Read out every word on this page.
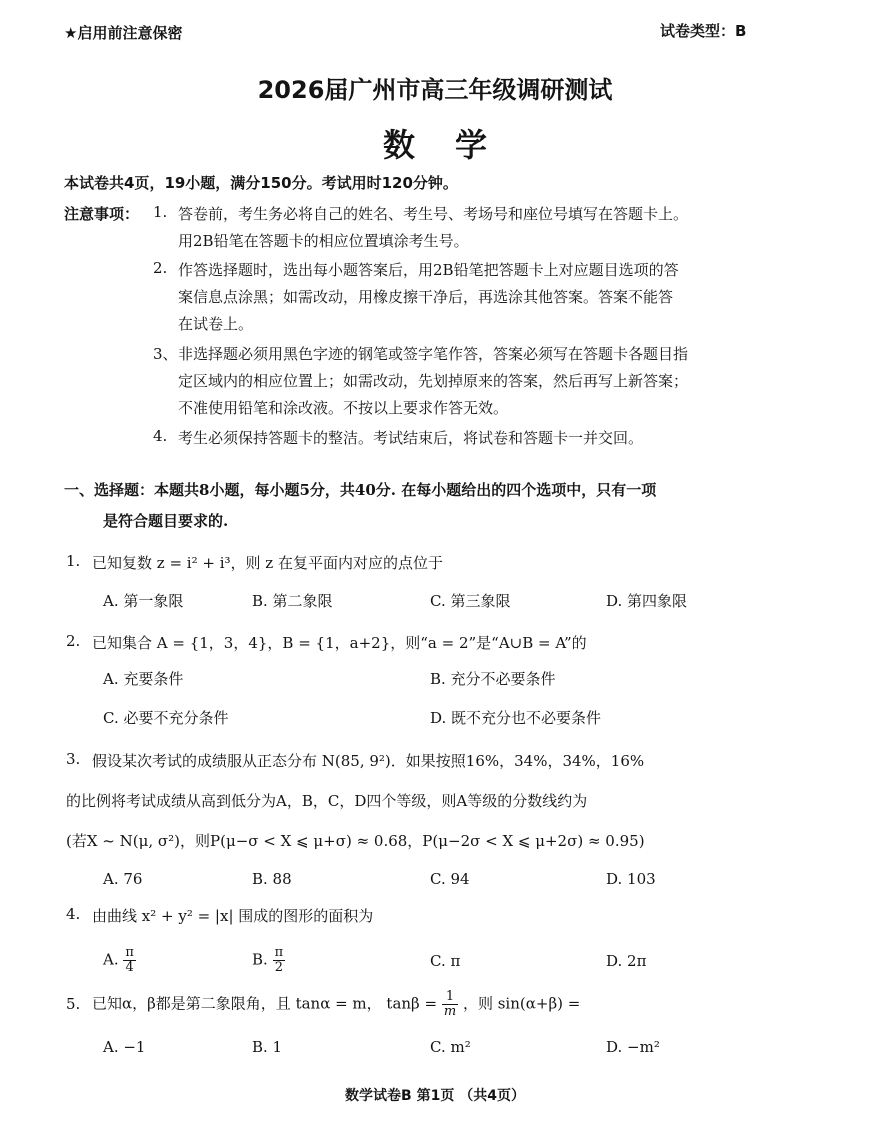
★启用前注意保密	试卷类型：B
2026届广州市高三年级调研测试
数学
本试卷共4页，19小题，满分150分。考试用时120分钟。
注意事项： 1. 答卷前，考生务必将自己的姓名、考生号、考场号和座位号填写在答题卡上。
用2B铅笔在答题卡的相应位置填涂考生号。
2. 作答选择题时，选出每小题答案后，用2B铅笔把答题卡上对应题目选项的答
案信息点涂黑；如需改动，用橡皮擦干净后，再选涂其他答案。答案不能答
在试卷上。
3、 非选择题必须用黑色字迹的钢笔或签字笔作答，答案必须写在答题卡各题目指
定区域内的相应位置上；如需改动，先划掉原来的答案，然后再写上新答案；
不准使用铅笔和涂改液。不按以上要求作答无效。
4. 考生必须保持答题卡的整洁。考试结束后，将试卷和答题卡一并交回。
一、选择题：本题共8小题，每小题5分，共40分. 在每小题给出的四个选项中，只有一项
是符合题目要求的.
1. 已知复数 z = i² + i³，则 z 在复平面内对应的点位于
A. 第一象限	B. 第二象限	C. 第三象限	D. 第四象限
2. 已知集合 A = {1，3，4}，B = {1，a+2}，则“a = 2”是“A∪B = A”的
A. 充要条件	B. 充分不必要条件
C. 必要不充分条件	D. 既不充分也不必要条件
3. 假设某次考试的成绩服从正态分布 N(85, 9²)．如果按照16%，34%，34%，16%
的比例将考试成绩从高到低分为A，B，C，D四个等级，则A等级的分数线约为
(若X ~ N(μ, σ²)，则P(μ−σ < X ⩽ μ+σ) ≈ 0.68，P(μ−2σ < X ⩽ μ+2σ) ≈ 0.95)
A. 76	B. 88	C. 94	D. 103
4. 由曲线 x² + y² = |x| 围成的图形的面积为
A. $\frac{\pi}{4}$	B. $\frac{\pi}{2}$	C. π	D. 2π
5. 已知α，β都是第二象限角，且 tanα = m， $\tan\beta = \frac{1}{m}$ ，则 sin(α+β) =
A. −1	B. 1	C. m²	D. −m²
数学试卷B 第1页 （共4页）
